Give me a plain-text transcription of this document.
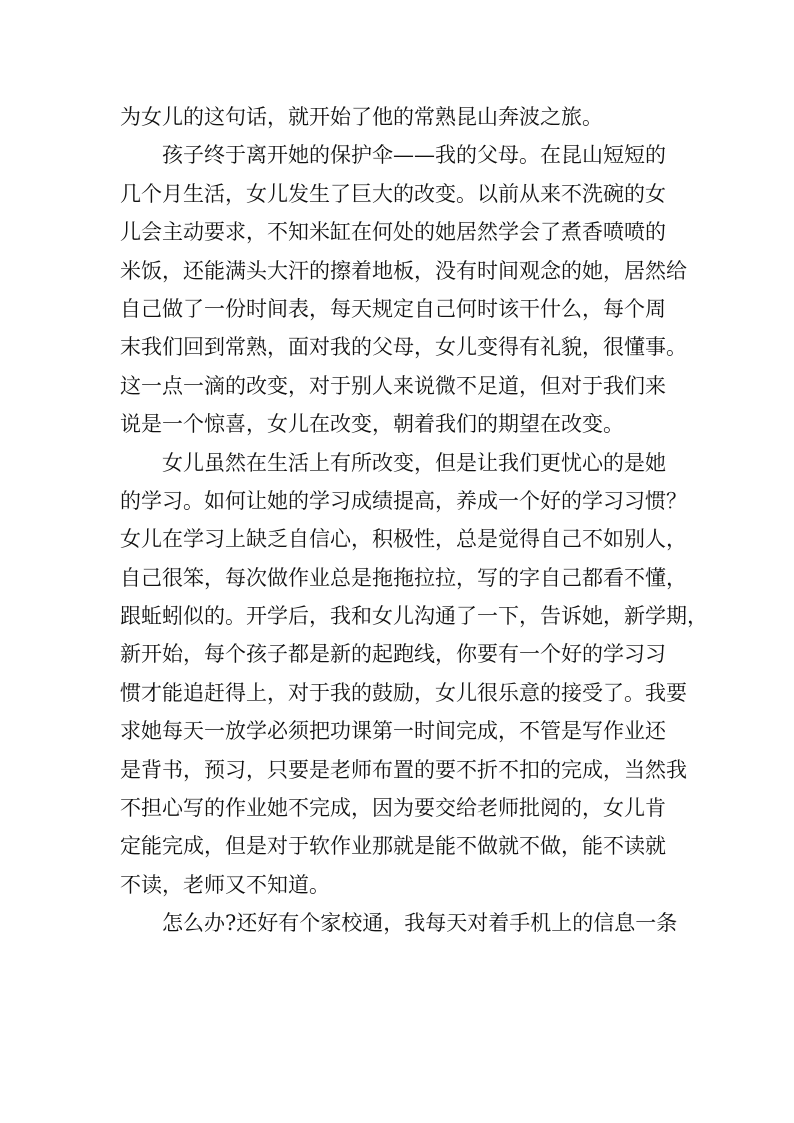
为女儿的这句话，就开始了他的常熟昆山奔波之旅。
孩子终于离开她的保护伞——我的父母。在昆山短短的
几个月生活，女儿发生了巨大的改变。以前从来不洗碗的女
儿会主动要求，不知米缸在何处的她居然学会了煮香喷喷的
米饭，还能满头大汗的擦着地板，没有时间观念的她，居然给
自己做了一份时间表，每天规定自己何时该干什么，每个周
末我们回到常熟，面对我的父母，女儿变得有礼貌，很懂事。
这一点一滴的改变，对于别人来说微不足道，但对于我们来
说是一个惊喜，女儿在改变，朝着我们的期望在改变。
女儿虽然在生活上有所改变，但是让我们更忧心的是她
的学习。如何让她的学习成绩提高，养成一个好的学习习惯？
女儿在学习上缺乏自信心，积极性，总是觉得自己不如别人，
自己很笨，每次做作业总是拖拖拉拉，写的字自己都看不懂，
跟蚯蚓似的。开学后，我和女儿沟通了一下，告诉她，新学期，
新开始，每个孩子都是新的起跑线，你要有一个好的学习习
惯才能追赶得上，对于我的鼓励，女儿很乐意的接受了。我要
求她每天一放学必须把功课第一时间完成，不管是写作业还
是背书，预习，只要是老师布置的要不折不扣的完成，当然我
不担心写的作业她不完成，因为要交给老师批阅的，女儿肯
定能完成，但是对于软作业那就是能不做就不做，能不读就
不读，老师又不知道。
怎么办?还好有个家校通，我每天对着手机上的信息一条
